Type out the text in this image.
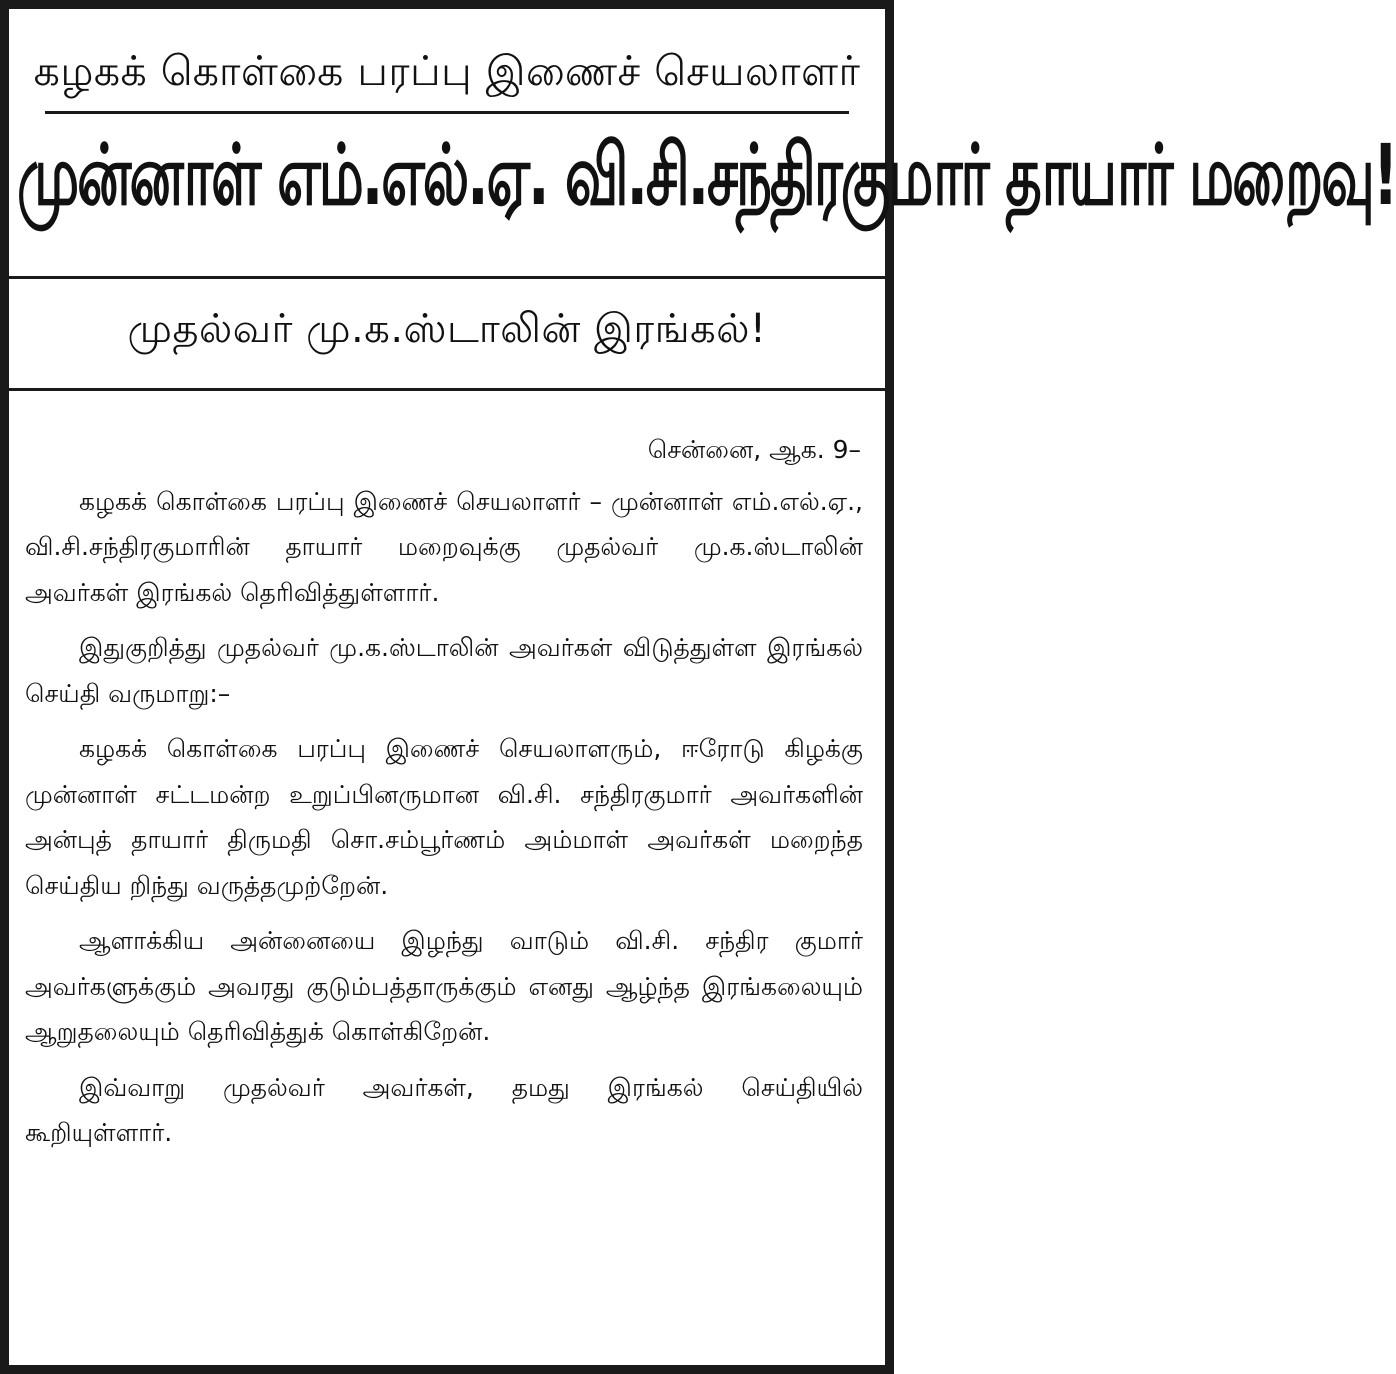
கழகக் கொள்கை பரப்பு இணைச் செயலாளர்
முன்னாள் எம்.எல்.ஏ. வி.சி.சந்திரகுமார் தாயார் மறைவு!
முதல்வர் மு.க.ஸ்டாலின் இரங்கல்!
சென்னை, ஆக. 9–

கழகக் கொள்கை பரப்பு இணைச் செயலாளர் – முன்னாள் எம்.எல்.ஏ., வி.சி.சந்திரகுமாரின் தாயார் மறைவுக்கு முதல்வர் மு.க.ஸ்டாலின் அவர்கள் இரங்கல் தெரிவித்துள்ளார்.

இதுகுறித்து முதல்வர் மு.க.ஸ்டாலின் அவர்கள் விடுத்துள்ள இரங்கல் செய்தி வருமாறு:–

கழகக் கொள்கை பரப்பு இணைச் செயலாளரும், ஈரோடு கிழக்கு முன்னாள் சட்டமன்ற உறுப்பினருமான வி.சி. சந்திரகுமார் அவர்களின் அன்புத் தாயார் திருமதி சொ.சம்பூர்ணம் அம்மாள் அவர்கள் மறைந்த செய்திய றிந்து வருத்தமுற்றேன்.

ஆளாக்கிய அன்னையை இழந்து வாடும் வி.சி. சந்திர குமார் அவர்களுக்கும் அவரது குடும்பத்தாருக்கும் எனது ஆழ்ந்த இரங்கலையும் ஆறுதலையும் தெரிவித்துக் கொள்கிறேன்.

இவ்வாறு முதல்வர் அவர்கள், தமது இரங்கல் செய்தியில் கூறியுள்ளார்.
